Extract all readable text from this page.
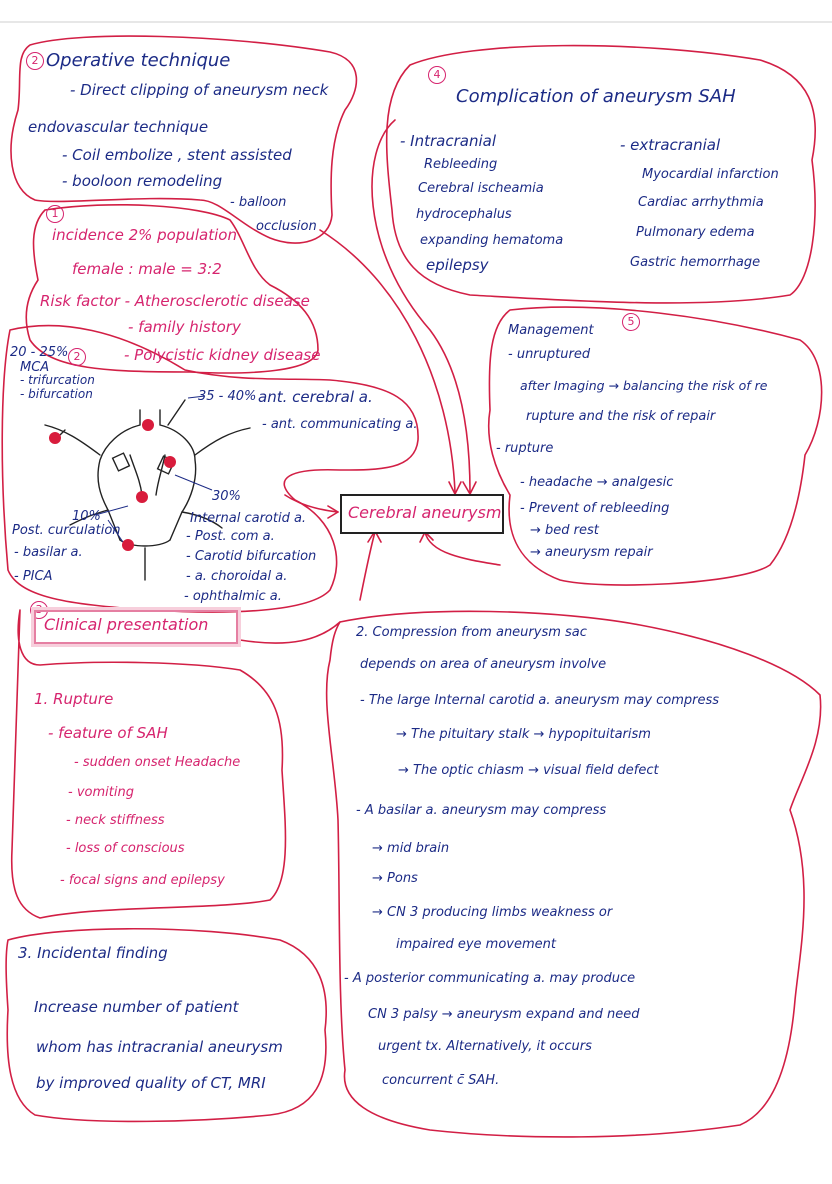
Cerebral aneurysm
2 Operative technique
- Direct clipping of aneurysm neck
endovascular technique
- Coil embolize , stent assisted
- booloon remodeling
- balloon
occlusion
4
Complication of aneurysm SAH
- Intracranial
Rebleeding
Cerebral ischeamia
hydrocephalus
expanding hematoma
epilepsy
- extracranial
Myocardial infarction
Cardiac arrhythmia
Pulmonary edema
Gastric hemorrhage
1
incidence 2% population
female : male = 3:2
Risk factor - Atherosclerotic disease
- family history
- Polycistic kidney disease
20 - 25% 2
MCA
- trifurcation
- bifurcation	35 - 40% ant. cerebral a.
- ant. communicating a.
30%
Internal carotid a.
- Post. com a.
- Carotid bifurcation
- a. choroidal a.
- ophthalmic a.
10%
Post. curculation
- basilar a.
- PICA
5
Management
- unruptured
after Imaging → balancing the risk of re
rupture and the risk of repair
- rupture
- headache → analgesic
- Prevent of rebleeding
→ bed rest
→ aneurysm repair
3
Clinical presentation
1. Rupture
- feature of SAH
- sudden onset Headache
- vomiting
- neck stiffness
- loss of conscious
- focal signs and epilepsy
3. Incidental finding
Increase number of patient
whom has intracranial aneurysm
by improved quality of CT, MRI
2. Compression from aneurysm sac
depends on area of aneurysm involve
- The large Internal carotid a. aneurysm may compress
→ The pituitary stalk → hypopituitarism
→ The optic chiasm → visual field defect
- A basilar a. aneurysm may compress
→ mid brain
→ Pons
→ CN 3 producing limbs weakness or
impaired eye movement
- A posterior communicating a. may produce
CN 3 palsy → aneurysm expand and need
urgent tx. Alternatively, it occurs
concurrent c̄ SAH.
